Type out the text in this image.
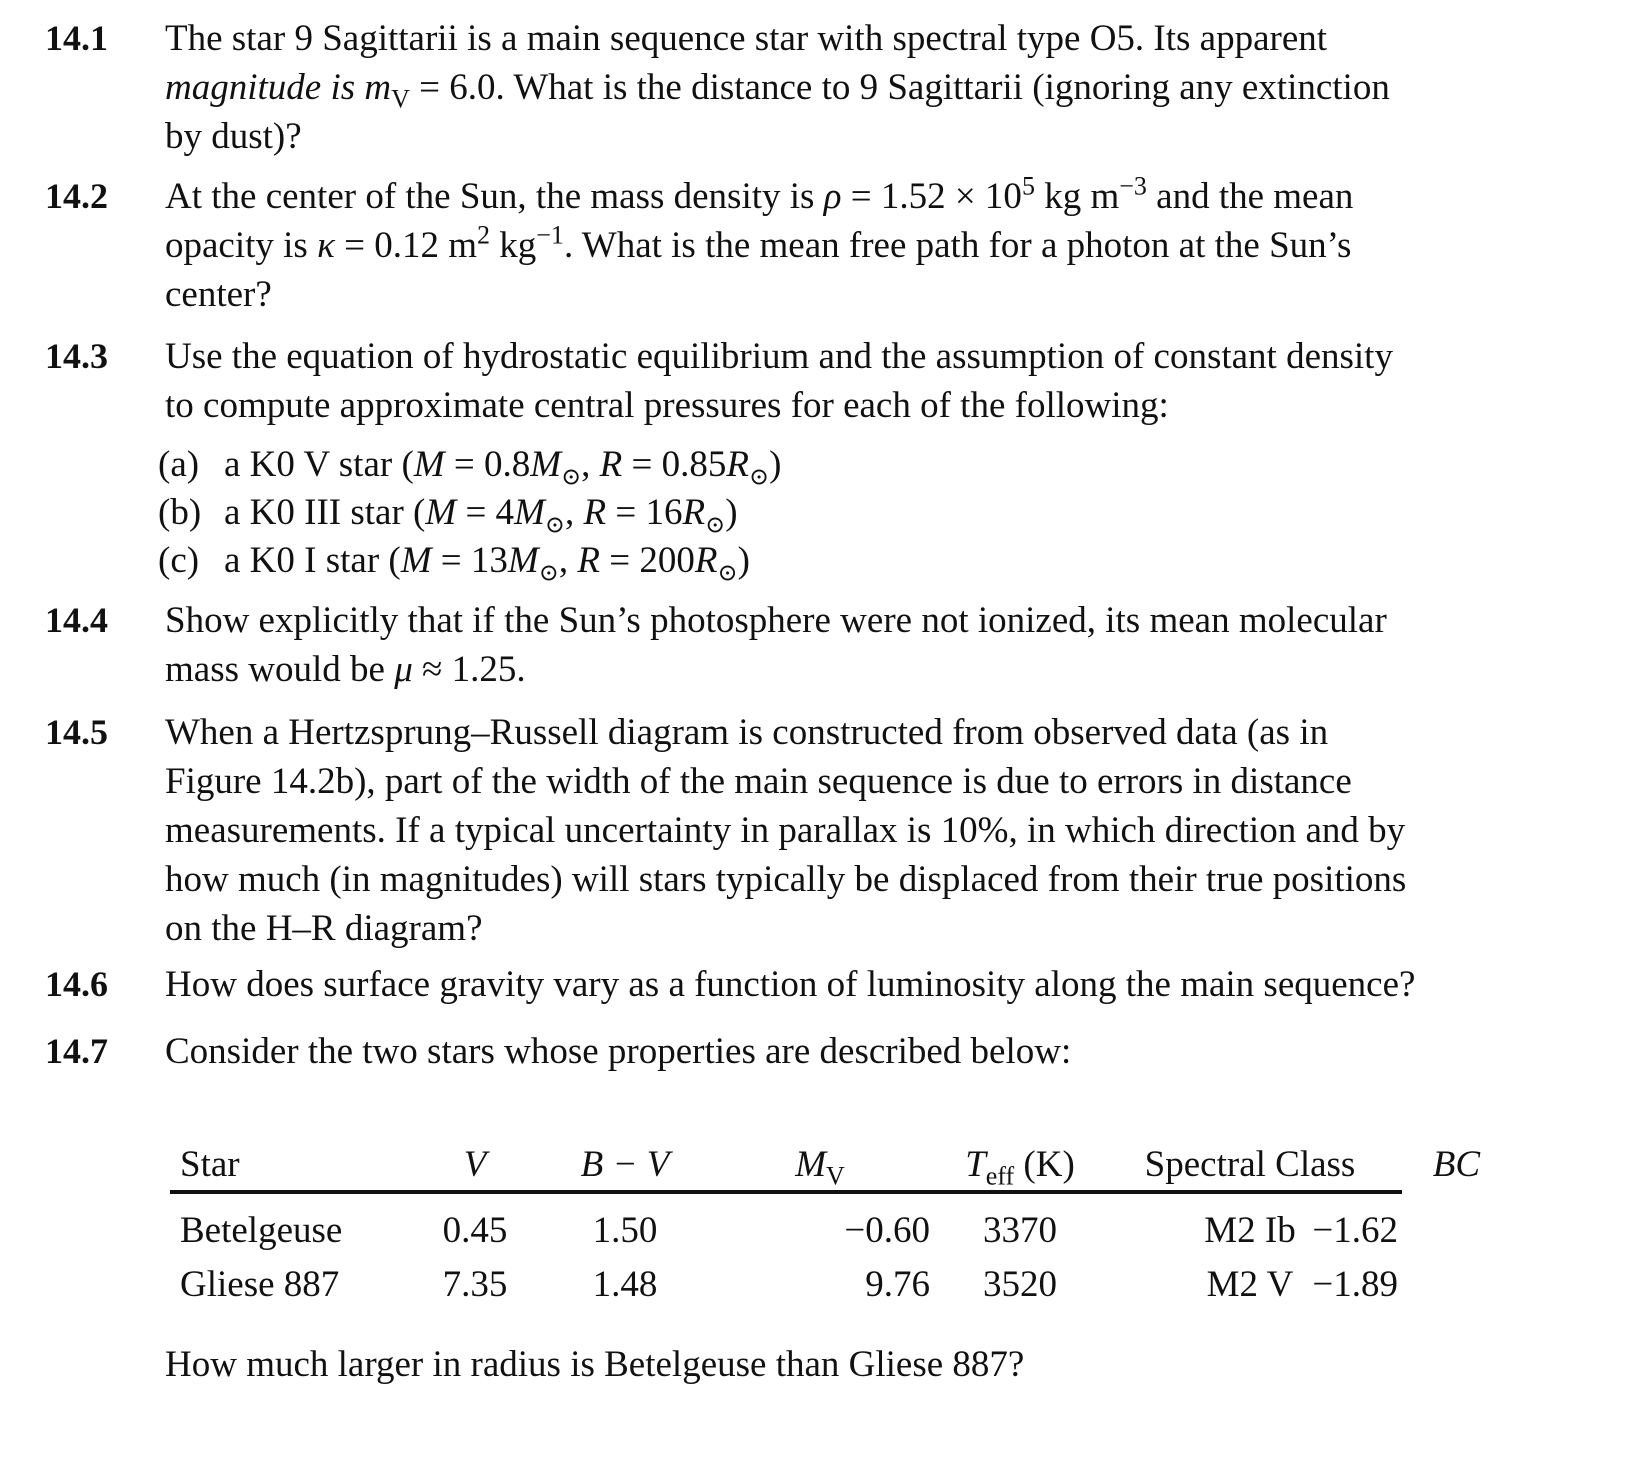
14.1	The star 9 Sagittarii is a main sequence star with spectral type O5. Its apparent
magnitude is $m_V = 6.0$. What is the distance to 9 Sagittarii (ignoring any extinction
by dust)?
14.2	At the center of the Sun, the mass density is $\rho = 1.52 \times 10^5$ kg $m^{-3}$ and the mean
opacity is κ = 0.12 $m^2$ $kg^{-1}$. What is the mean free path for a photon at the Sun’s
center?
14.3	Use the equation of hydrostatic equilibrium and the assumption of constant density
to compute approximate central pressures for each of the following:
(a) a K0 V star ($M = 0.8M_⊙$, $R = 0.85R_⊙$)
(b) a K0 III star ($M = 4M_⊙$, $R = 16R_⊙$)
(c) a K0 I star ($M = 13M_⊙$, $R = 200R_⊙$)
14.4	Show explicitly that if the Sun’s photosphere were not ionized, its mean molecular
mass would be μ ≈ 1.25.
14.5	When a Hertzsprung–Russell diagram is constructed from observed data (as in
Figure 14.2b), part of the width of the main sequence is due to errors in distance
measurements. If a typical uncertainty in parallax is 10%, in which direction and by
how much (in magnitudes) will stars typically be displaced from their true positions
on the H–R diagram?
14.6	How does surface gravity vary as a function of luminosity along the main sequence?
14.7	Consider the two stars whose properties are described below:
Star	V	B − V	$M_V$	$T_{eff}$ (K)	Spectral Class	BC
Betelgeuse	0.45	1.50	−0.60	3370	M2 Ib −1.62
Gliese 887	7.35	1.48	9.76	3520	M2 V −1.89
How much larger in radius is Betelgeuse than Gliese 887?
